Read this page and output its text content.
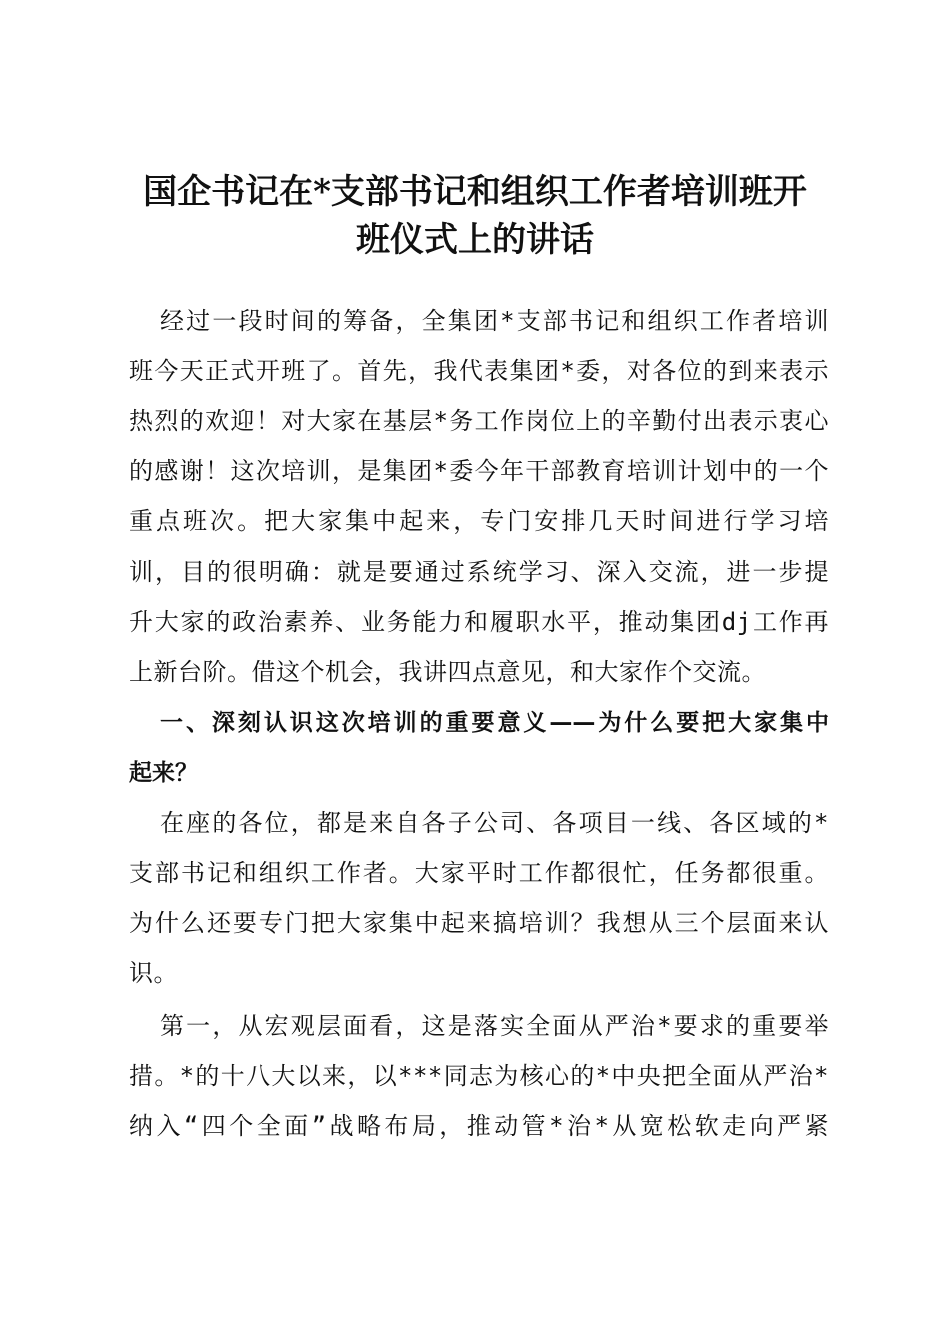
国企书记在*支部书记和组织工作者培训班开
班仪式上的讲话
经过一段时间的筹备，全集团*支部书记和组织工作者培训
班今天正式开班了。首先，我代表集团*委，对各位的到来表示
热烈的欢迎！对大家在基层*务工作岗位上的辛勤付出表示衷心
的感谢！这次培训，是集团*委今年干部教育培训计划中的一个
重点班次。把大家集中起来，专门安排几天时间进行学习培
训，目的很明确：就是要通过系统学习、深入交流，进一步提
升大家的政治素养、业务能力和履职水平，推动集团dj工作再
上新台阶。借这个机会，我讲四点意见，和大家作个交流。
一、深刻认识这次培训的重要意义——为什么要把大家集中
起来？
在座的各位，都是来自各子公司、各项目一线、各区域的*
支部书记和组织工作者。大家平时工作都很忙，任务都很重。
为什么还要专门把大家集中起来搞培训？我想从三个层面来认
识。
第一，从宏观层面看，这是落实全面从严治*要求的重要举
措。*的十八大以来，以***同志为核心的*中央把全面从严治*
纳入“四个全面”战略布局，推动管*治*从宽松软走向严紧
